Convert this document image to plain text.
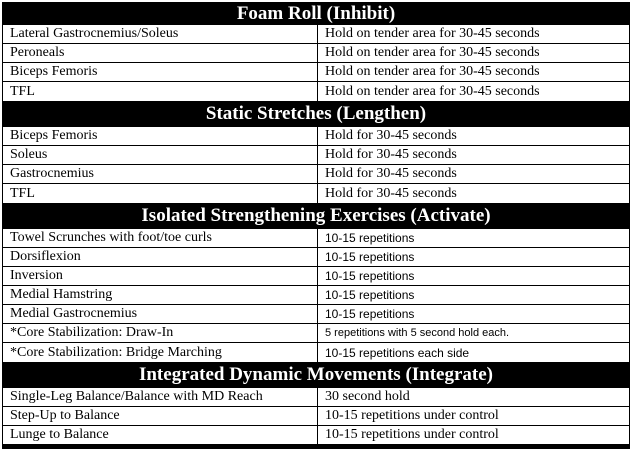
Foam Roll (Inhibit)
Lateral Gastrocnemius/Soleus	Hold on tender area for 30-45 seconds
Peroneals	Hold on tender area for 30-45 seconds
Biceps Femoris	Hold on tender area for 30-45 seconds
TFL	Hold on tender area for 30-45 seconds
Static Stretches (Lengthen)
Biceps Femoris	Hold for 30-45 seconds
Soleus	Hold for 30-45 seconds
Gastrocnemius	Hold for 30-45 seconds
TFL	Hold for 30-45 seconds
Isolated Strengthening Exercises (Activate)
Towel Scrunches with foot/toe curls	10-15 repetitions
Dorsiflexion	10-15 repetitions
Inversion	10-15 repetitions
Medial Hamstring	10-15 repetitions
Medial Gastrocnemius	10-15 repetitions
*Core Stabilization: Draw-In	5 repetitions with 5 second hold each.
*Core Stabilization: Bridge Marching	10-15 repetitions each side
Integrated Dynamic Movements (Integrate)
Single-Leg Balance/Balance with MD Reach	30 second hold
Step-Up to Balance	10-15 repetitions under control
Lunge to Balance	10-15 repetitions under control
